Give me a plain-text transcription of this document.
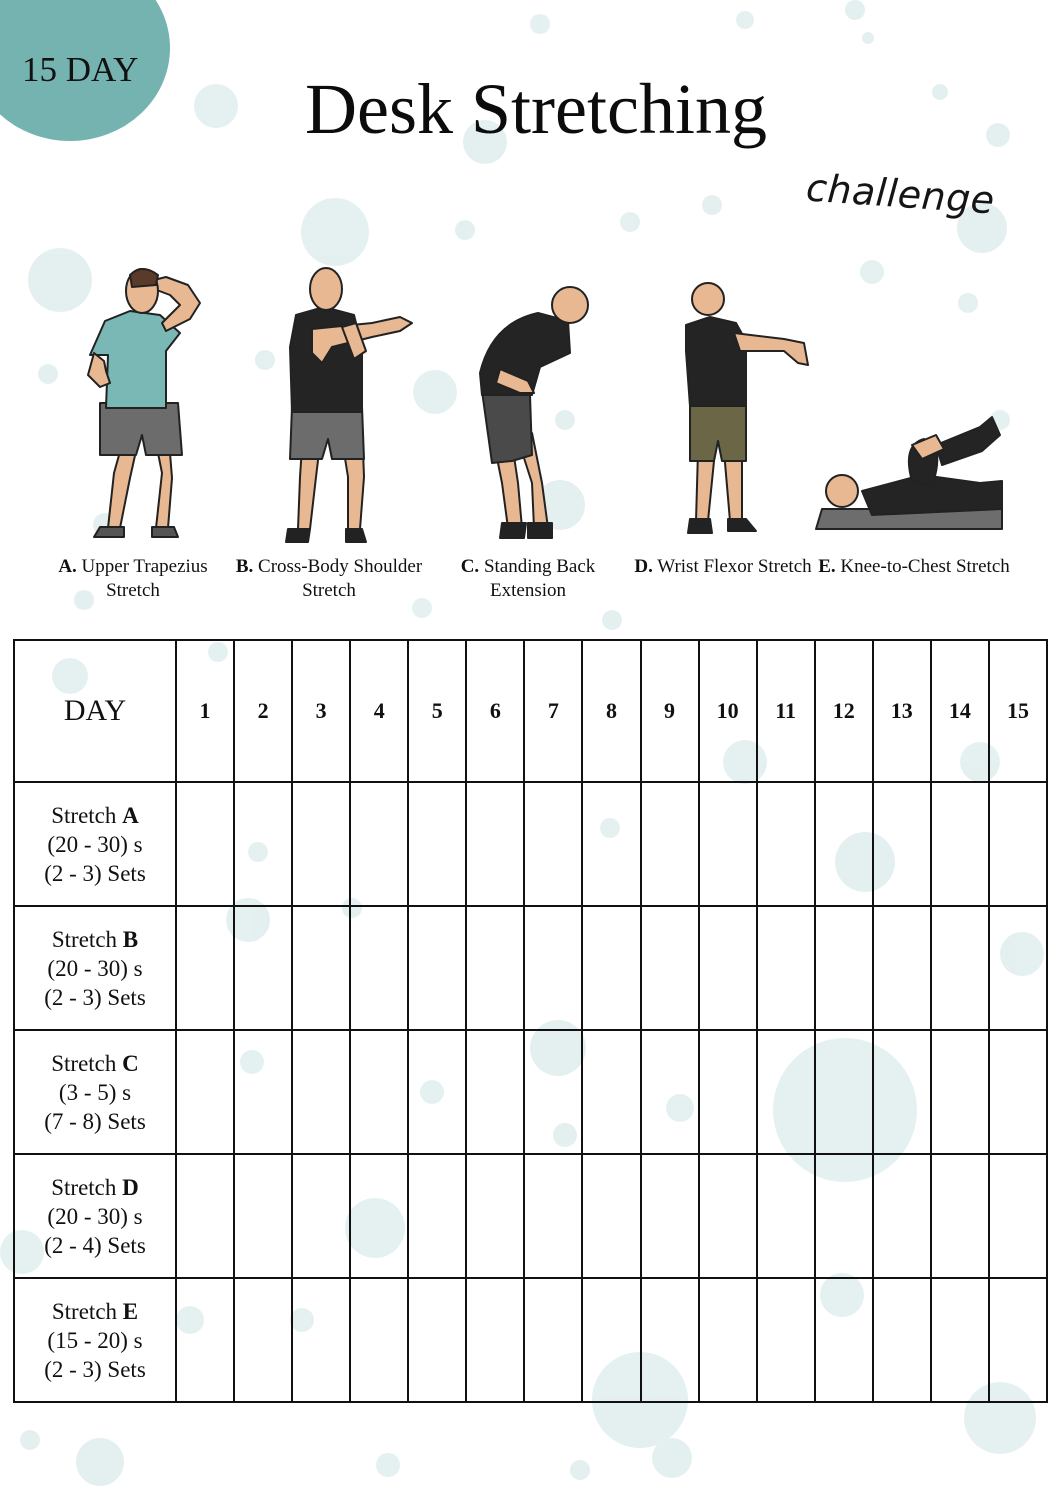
15 DAY	Desk Stretching
challenge
A. Upper Trapezius Stretch
B. Cross-Body Shoulder Stretch
C. Standing Back Extension
D. Wrist Flexor Stretch E. Knee-to-Chest Stretch
DAY	1	2	3	4	5	6	7	8	9	10	11	12	13	14	15
Stretch A
(20 - 30) s
(2 - 3) Sets															
Stretch B
(20 - 30) s
(2 - 3) Sets															
Stretch C
(3 - 5) s
(7 - 8) Sets															
Stretch D
(20 - 30) s
(2 - 4) Sets															
Stretch E
(15 - 20) s
(2 - 3) Sets															
